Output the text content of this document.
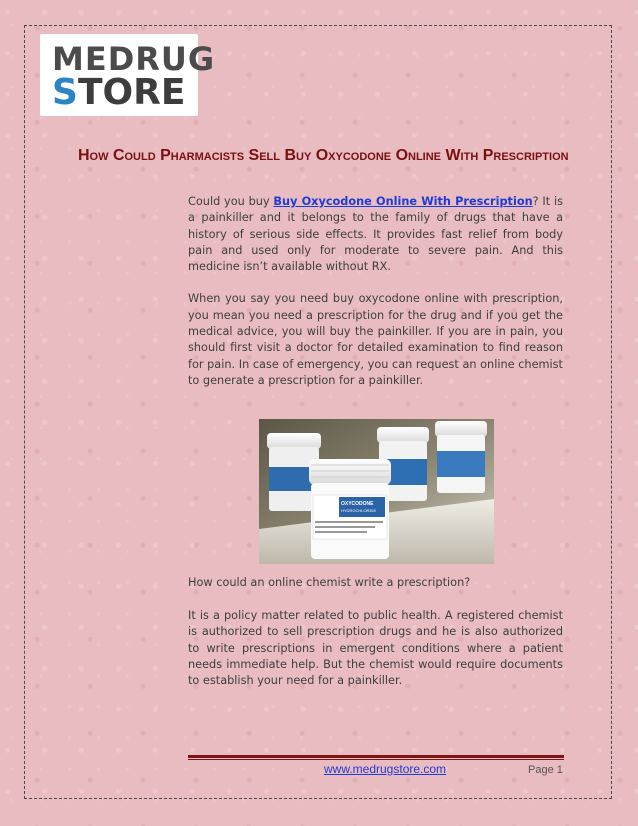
MEDRUG
STORE
How Could Pharmacists Sell Buy Oxycodone Online With Prescription

Could you buy Buy Oxycodone Online With Prescription? It is a painkiller and it belongs to the family of drugs that have a history of serious side effects. It provides fast relief from body pain and used only for moderate to severe pain. And this medicine isn’t available without RX.

When you say you need buy oxycodone online with prescription, you mean you need a prescription for the drug and if you get the medical advice, you will buy the painkiller. If you are in pain, you should first visit a doctor for detailed examination to find reason for pain. In case of emergency, you can request an online chemist to generate a prescription for a painkiller.

OXYCODONE
HYDROCHLORIDE
How could an online chemist write a prescription?

It is a policy matter related to public health. A registered chemist is authorized to sell prescription drugs and he is also authorized to write prescriptions in emergent conditions where a patient needs immediate help. But the chemist would require documents to establish your need for a painkiller.

www.medrugstore.com	Page 1
